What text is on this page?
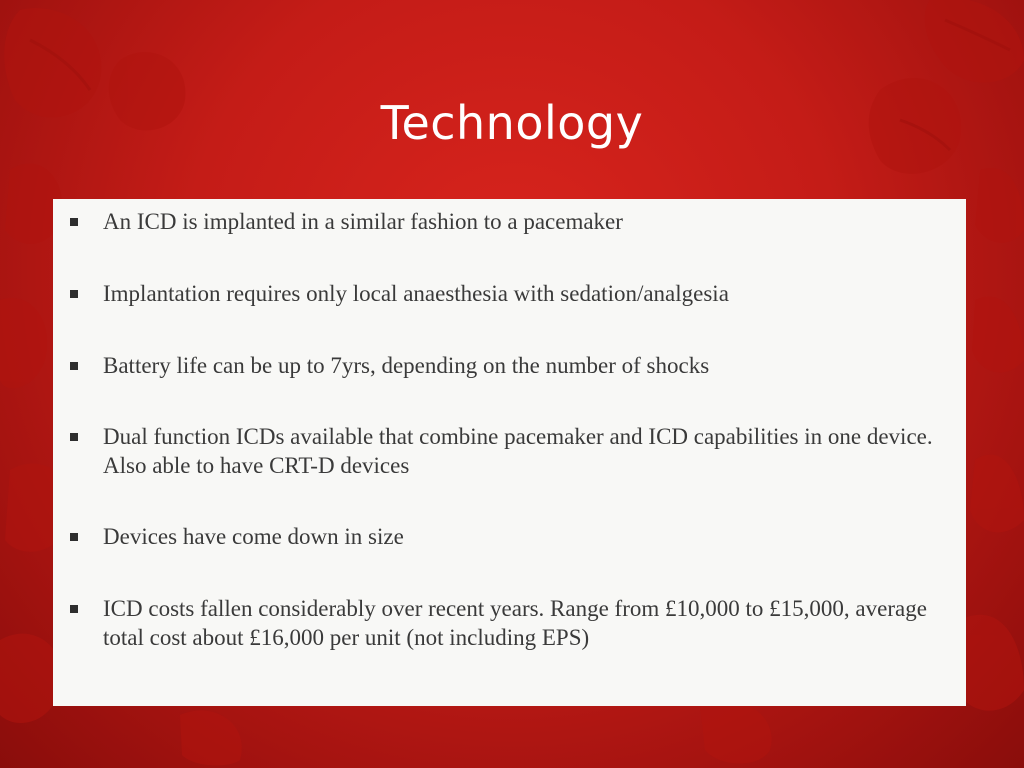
Technology
An ICD is implanted in a similar fashion to a pacemaker
Implantation requires only local anaesthesia with sedation/analgesia
Battery life can be up to 7yrs, depending on the number of shocks
Dual function ICDs available that combine pacemaker and ICD capabilities in one device. Also able to have CRT-D devices
Devices have come down in size
ICD costs fallen considerably over recent years. Range from £10,000 to £15,000, average total cost about £16,000 per unit (not including EPS)
